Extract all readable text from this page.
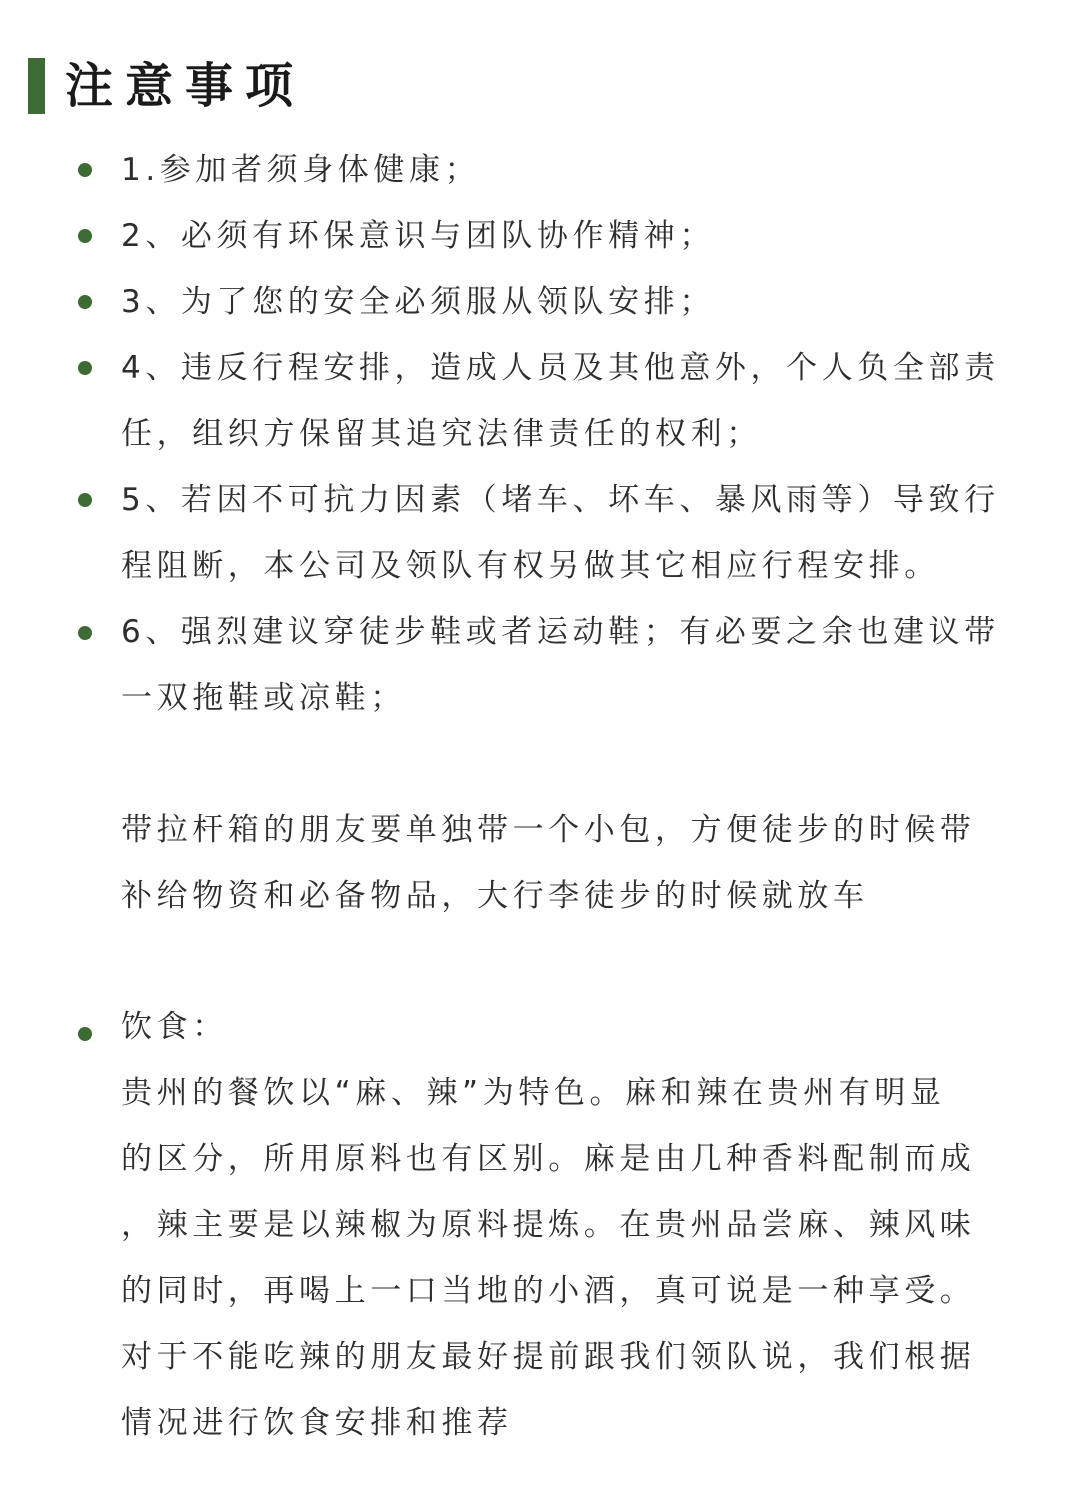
注意事项
1.参加者须身体健康；
2、必须有环保意识与团队协作精神；
3、为了您的安全必须服从领队安排；
4、违反行程安排，造成人员及其他意外，个人负全部责
任，组织方保留其追究法律责任的权利；
5、若因不可抗力因素（堵车、坏车、暴风雨等）导致行
程阻断，本公司及领队有权另做其它相应行程安排。
6、强烈建议穿徒步鞋或者运动鞋；有必要之余也建议带
一双拖鞋或凉鞋；
带拉杆箱的朋友要单独带一个小包，方便徒步的时候带
补给物资和必备物品，大行李徒步的时候就放车
饮食：
贵州的餐饮以“麻、辣”为特色。麻和辣在贵州有明显
的区分，所用原料也有区别。麻是由几种香料配制而成
，辣主要是以辣椒为原料提炼。在贵州品尝麻、辣风味
的同时，再喝上一口当地的小酒，真可说是一种享受。
对于不能吃辣的朋友最好提前跟我们领队说，我们根据
情况进行饮食安排和推荐
